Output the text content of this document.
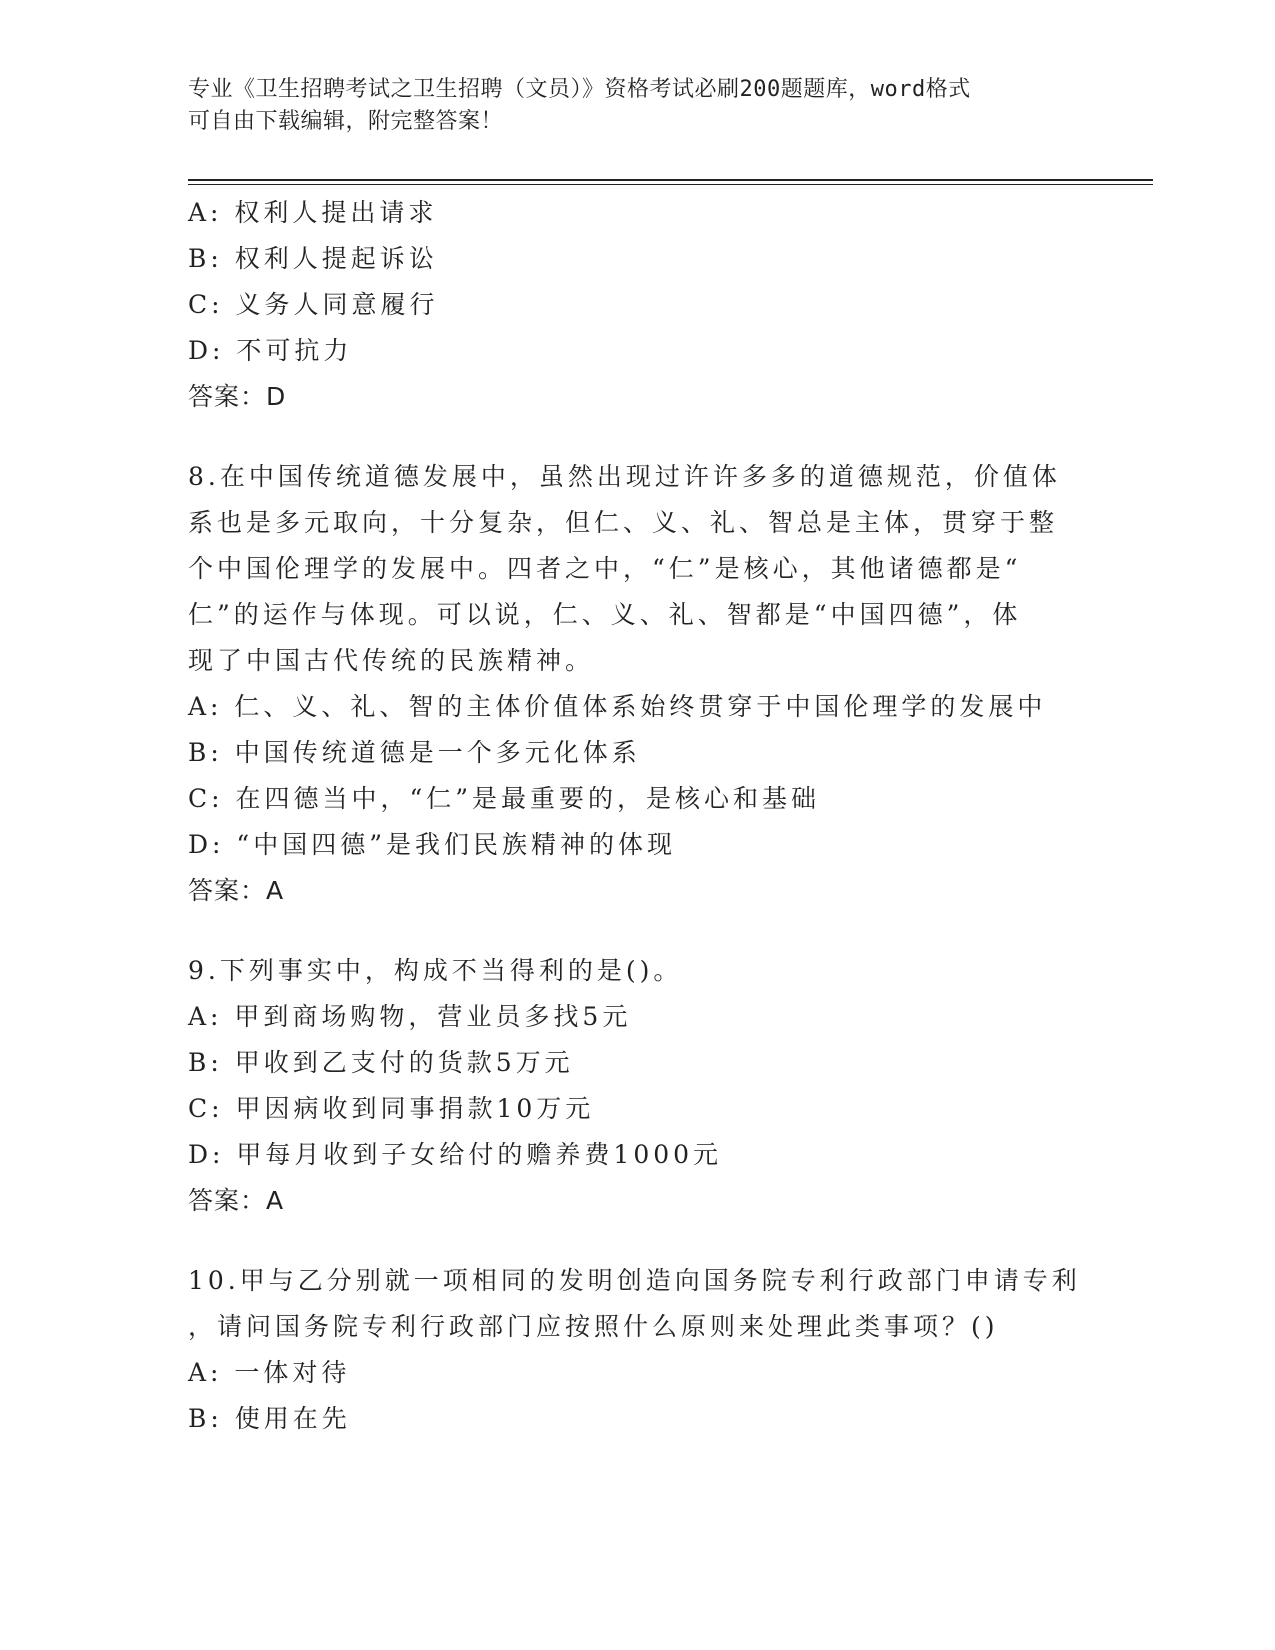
专业《卫生招聘考试之卫生招聘（文员）》资格考试必刷200题题库，word格式
可自由下载编辑，附完整答案！
A: 权利人提出请求
B: 权利人提起诉讼
C: 义务人同意履行
D: 不可抗力
答案：D
8.在中国传统道德发展中，虽然出现过许许多多的道德规范，价值体
系也是多元取向，十分复杂，但仁、义、礼、智总是主体，贯穿于整
个中国伦理学的发展中。四者之中，“仁”是核心，其他诸德都是“
仁”的运作与体现。可以说，仁、义、礼、智都是“中国四德”，体
现了中国古代传统的民族精神。
A: 仁、义、礼、智的主体价值体系始终贯穿于中国伦理学的发展中
B: 中国传统道德是一个多元化体系
C: 在四德当中，“仁”是最重要的，是核心和基础
D: “中国四德”是我们民族精神的体现
答案：A
9.下列事实中，构成不当得利的是()。
A: 甲到商场购物，营业员多找5元
B: 甲收到乙支付的货款5万元
C: 甲因病收到同事捐款10万元
D: 甲每月收到子女给付的赡养费1000元
答案：A
10.甲与乙分别就一项相同的发明创造向国务院专利行政部门申请专利
，请问国务院专利行政部门应按照什么原则来处理此类事项？()
A: 一体对待
B: 使用在先
